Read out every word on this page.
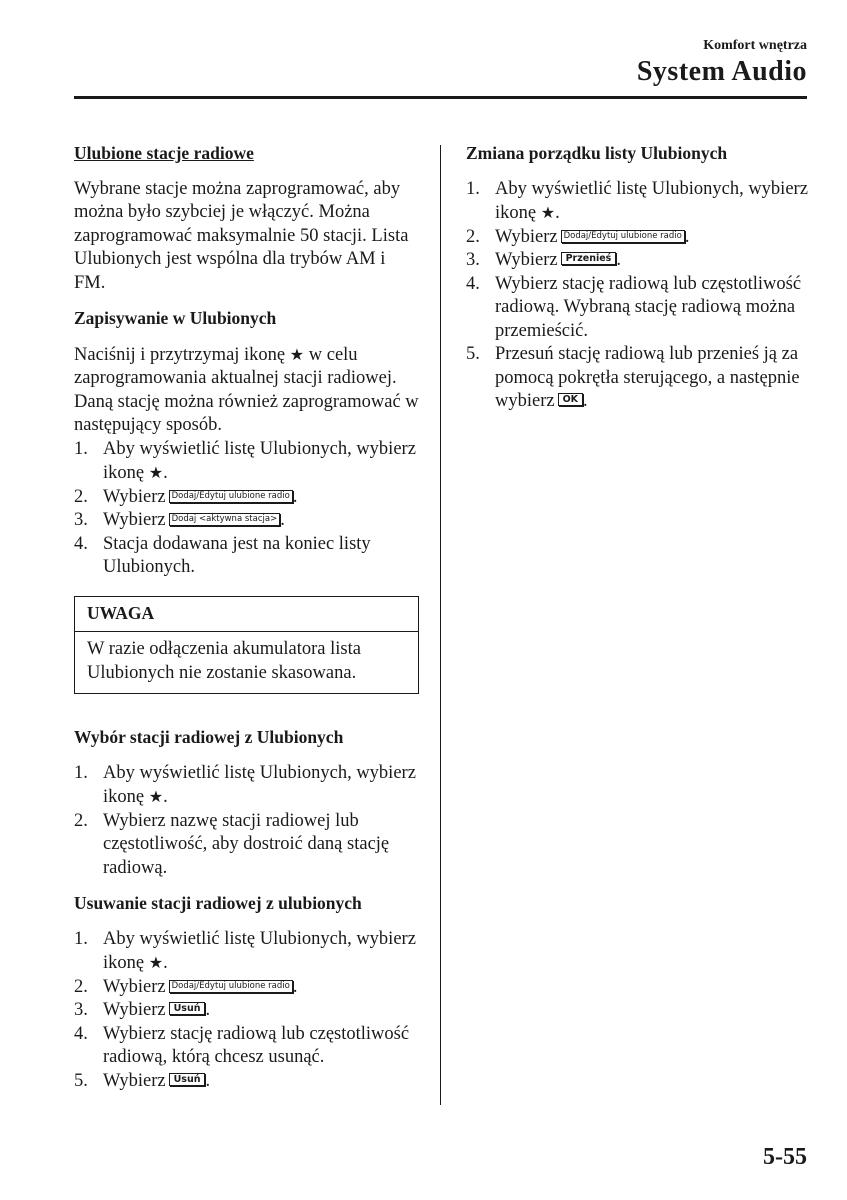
Komfort wnętrza
System Audio

Ulubione stacje radiowe

Wybrane stacje można zaprogramować, aby można było szybciej je włączyć. Można zaprogramować maksymalnie 50 stacji. Lista Ulubionych jest wspólna dla trybów AM i FM.

Zapisywanie w Ulubionych

Naciśnij i przytrzymaj ikonę ★ w celu zaprogramowania aktualnej stacji radiowej. Daną stację można również zaprogramować w następujący sposób.

1. Aby wyświetlić listę Ulubionych, wybierz ikonę ★.
2. Wybierz Dodaj/Edytuj ulubione radio .
3. Wybierz Dodaj <aktywna stacja> .
4. Stacja dodawana jest na koniec listy Ulubionych.
UWAGA
W razie odłączenia akumulatora lista Ulubionych nie zostanie skasowana.

Wybór stacji radiowej z Ulubionych

1. Aby wyświetlić listę Ulubionych, wybierz ikonę ★.
2. Wybierz nazwę stacji radiowej lub częstotliwość, aby dostroić daną stację radiową.

Usuwanie stacji radiowej z ulubionych

1. Aby wyświetlić listę Ulubionych, wybierz ikonę ★.
2. Wybierz Dodaj/Edytuj ulubione radio .
3. Wybierz Usuń .
4. Wybierz stację radiową lub częstotliwość radiową, którą chcesz usunąć.
5. Wybierz Usuń .

Zmiana porządku listy Ulubionych

1. Aby wyświetlić listę Ulubionych, wybierz ikonę ★.
2. Wybierz Dodaj/Edytuj ulubione radio .
3. Wybierz Przenieś .
4. Wybierz stację radiową lub częstotliwość radiową. Wybraną stację radiową można przemieścić.
5. Przesuń stację radiową lub przenieś ją za pomocą pokrętła sterującego, a następnie wybierz OK .
5-55
